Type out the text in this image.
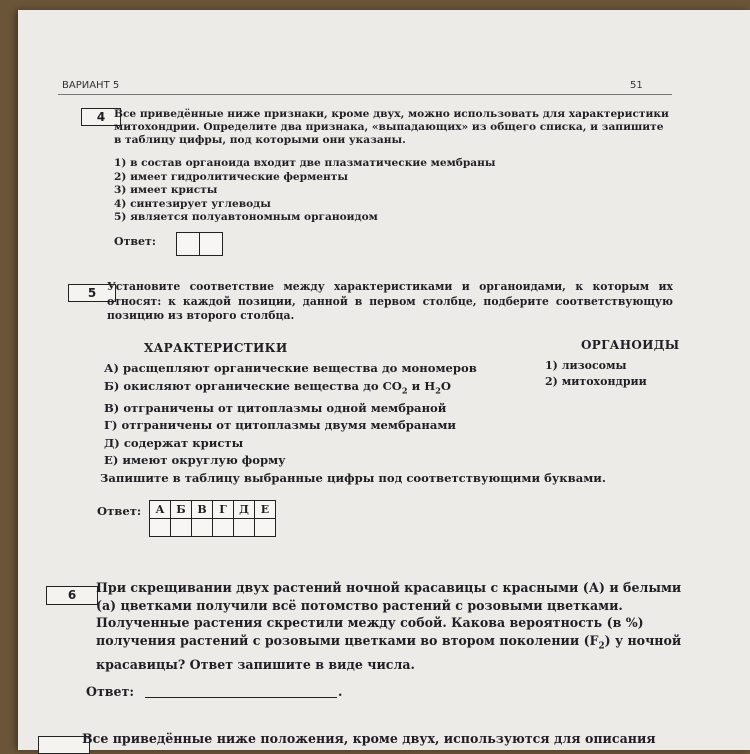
ВАРИАНТ 5	51
4 Все приведённые ниже признаки, кроме двух, можно использовать для характеристики митохондрии. Определите два признака, «выпадающих» из общего списка, и запишите в таблицу цифры, под которыми они указаны.
1) в состав органоида входит две плазматические мембраны
2) имеет гидролитические ферменты
3) имеет кристы
4) синтезирует углеводы
5) является полуавтономным органоидом
Ответ:
5	Установите соответствие между характеристиками и органоидами, к которым их относят: к каждой позиции, данной в первом столбце, подберите соответствующую позицию из второго столбца.
ХАРАКТЕРИСТИКИ	ОРГАНОИДЫ
А) расщепляют органические вещества до мономеров
Б) окисляют органические вещества до $CO_2$ и $H_2O$
В) отграничены от цитоплазмы одной мембраной
Г) отграничены от цитоплазмы двумя мембранами
Д) содержат кристы
Е) имеют округлую форму
1) лизосомы
2) митохондрии
Запишите в таблицу выбранные цифры под соответствующими буквами.
Ответ: А	Б	В	Г	Д	Е

6	При скрещивании двух растений ночной красавицы с красными (А) и белыми (а) цветками получили всё потомство растений с розовыми цветками. Полученные растения скрестили между собой. Какова вероятность (в %) получения растений с розовыми цветками во втором поколении $(F_2)$ у ночной красавицы? Ответ запишите в виде числа.
Ответ:	.
Все приведённые ниже положения, кроме двух, используются для описания
